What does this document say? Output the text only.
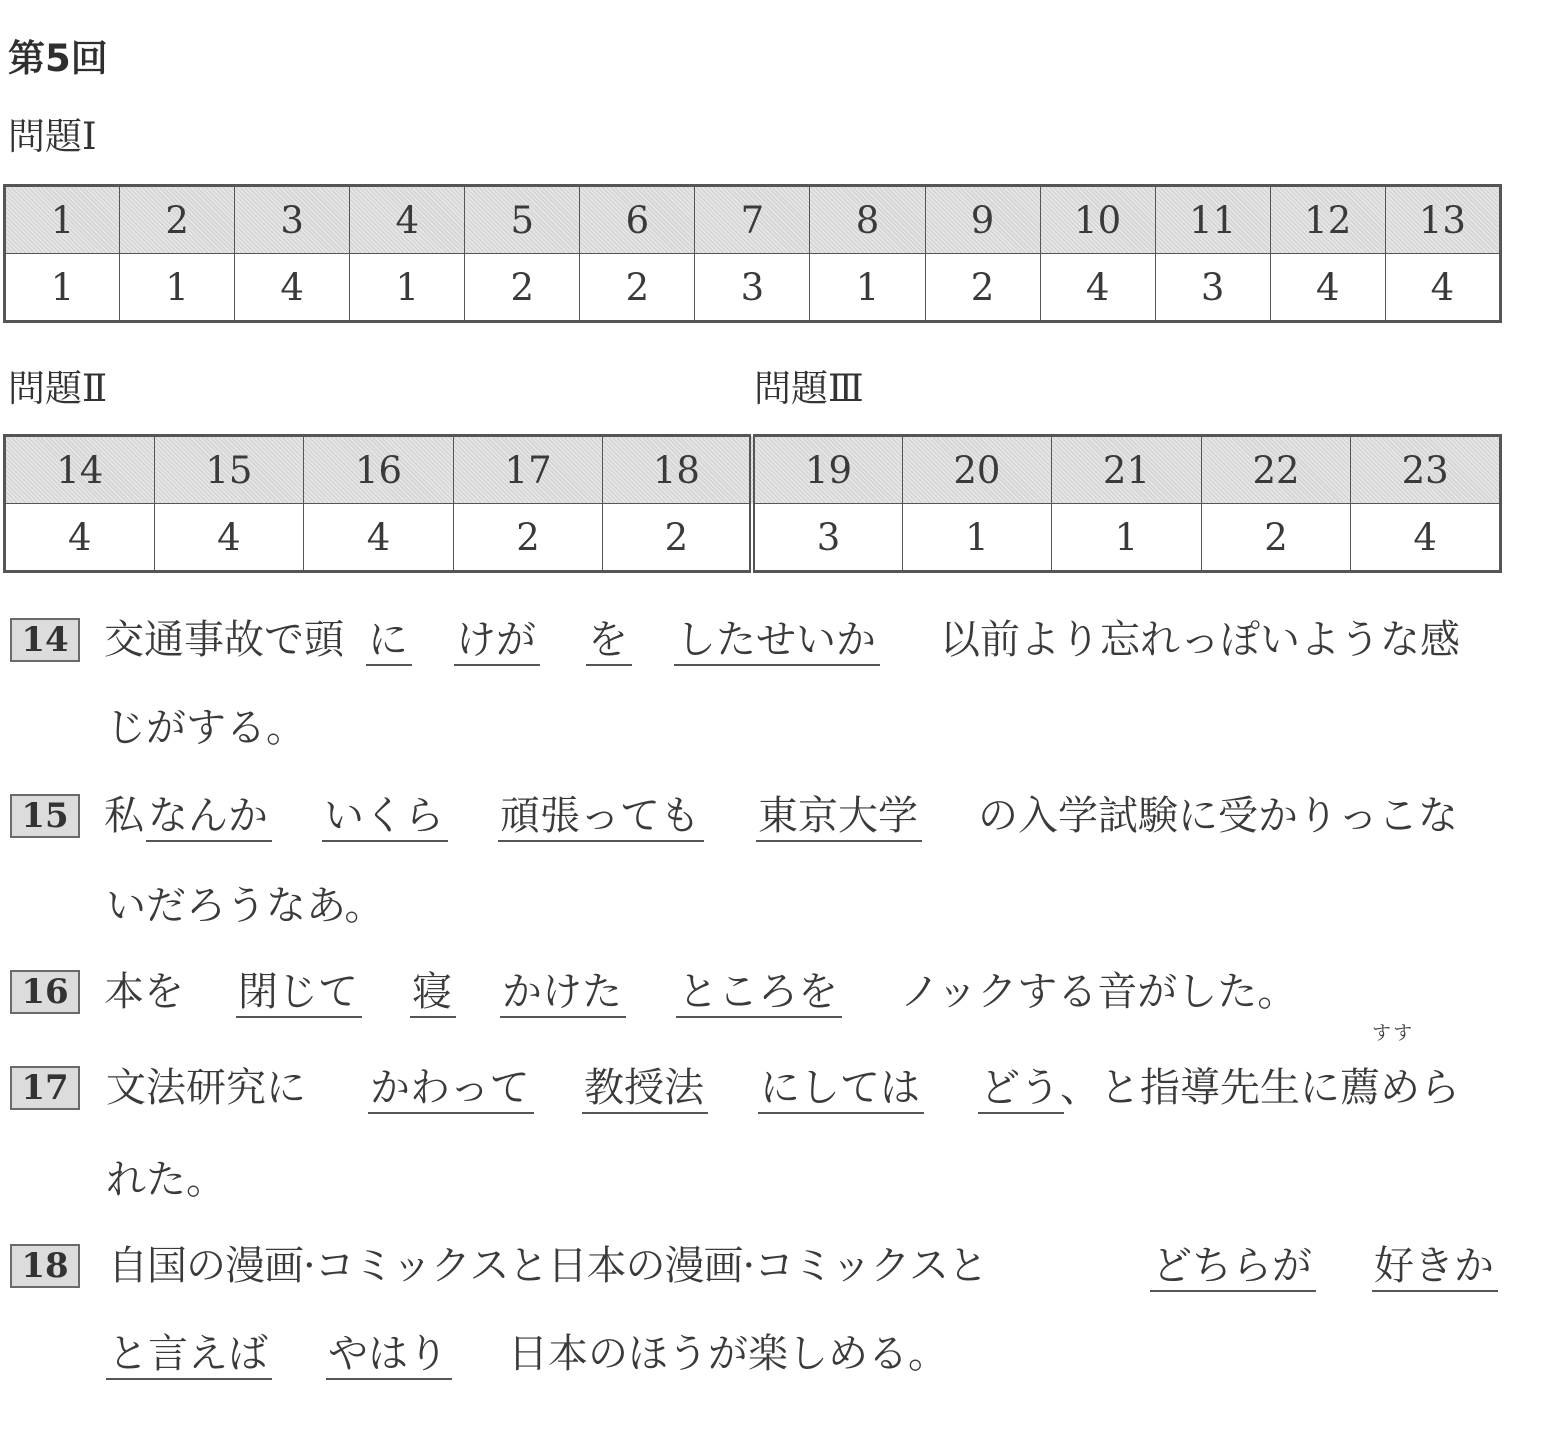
第5回
問題Ⅰ
1	2	3	4	5	6	7	8	9	10	11	12	13
1	1	4	1	2	2	3	1	2	4	3	4	4
問題Ⅱ	問題Ⅲ
14	15	16	17	18	19	20	21	22	23
4	4	4	2	2	3	1	1	2	4
14 交通事故で頭 に けが を したせいか 以前より忘れっぽいような感
じがする。
15 私 なんか いくら 頑張っても 東京大学 の入学試験に受かりっこな
いだろうなあ。
16 本を 閉じて 寝 かけた ところを ノックする音がした。
17
すす
文法研究に かわって 教授法 にしては どう 、と指導先生に薦めら
れた。
18 自国の漫画·コミックスと日本の漫画·コミックスと	どちらが 好きか
と言えば やはり 日本のほうが楽しめる。
